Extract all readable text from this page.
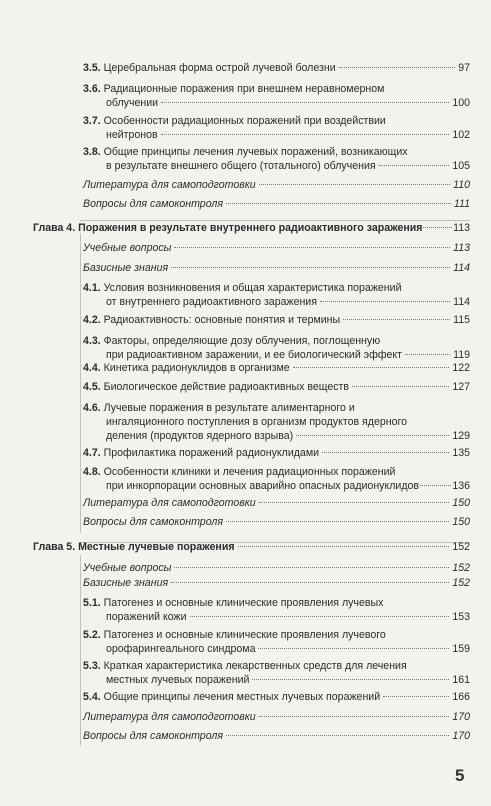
3.5.
Церебральная форма острой лучевой болезни	97
3.6.
Радиационные поражения при внешнем неравномерном
облучении	100
3.7.
Особенности радиационных поражений при воздействии
нейтронов	102
3.8.
Общие принципы лечения лучевых поражений, возникающих
в результате внешнего общего (тотального) облучения	105
Литература для самоподготовки	110
Вопросы для самоконтроля	111
Глава 4. Поражения в результате внутреннего радиоактивного заражения	113
Учебные вопросы	113
Базисные знания	114
4.1.
Условия возникновения и общая характеристика поражений
от внутреннего радиоактивного заражения	114
4.2.
Радиоактивность: основные понятия и термины	115
4.3.
Факторы, определяющие дозу облучения, поглощенную
при радиоактивном заражении, и ее биологический эффект	119
4.4.
Кинетика радионуклидов в организме	122
4.5.
Биологическое действие радиоактивных веществ	127
4.6.
Лучевые поражения в результате алиментарного и
ингаляционного поступления в организм продуктов ядерного
деления (продуктов ядерного взрыва)	129
4.7.
Профилактика поражений радионуклидами	135
4.8.
Особенности клиники и лечения радиационных поражений
при инкорпорации основных аварийно опасных радионуклидов	136
Литература для самоподготовки	150
Вопросы для самоконтроля	150
Глава 5. Местные лучевые поражения	152
Учебные вопросы	152
Базисные знания	152
5.1.
Патогенез и основные клинические проявления лучевых
поражений кожи	153
5.2.
Патогенез и основные клинические проявления лучевого
орофарингеального синдрома	159
5.3.
Краткая характеристика лекарственных средств для лечения
местных лучевых поражений	161
5.4.
Общие принципы лечения местных лучевых поражений	166
Литература для самоподготовки	170
Вопросы для самоконтроля	170
5
